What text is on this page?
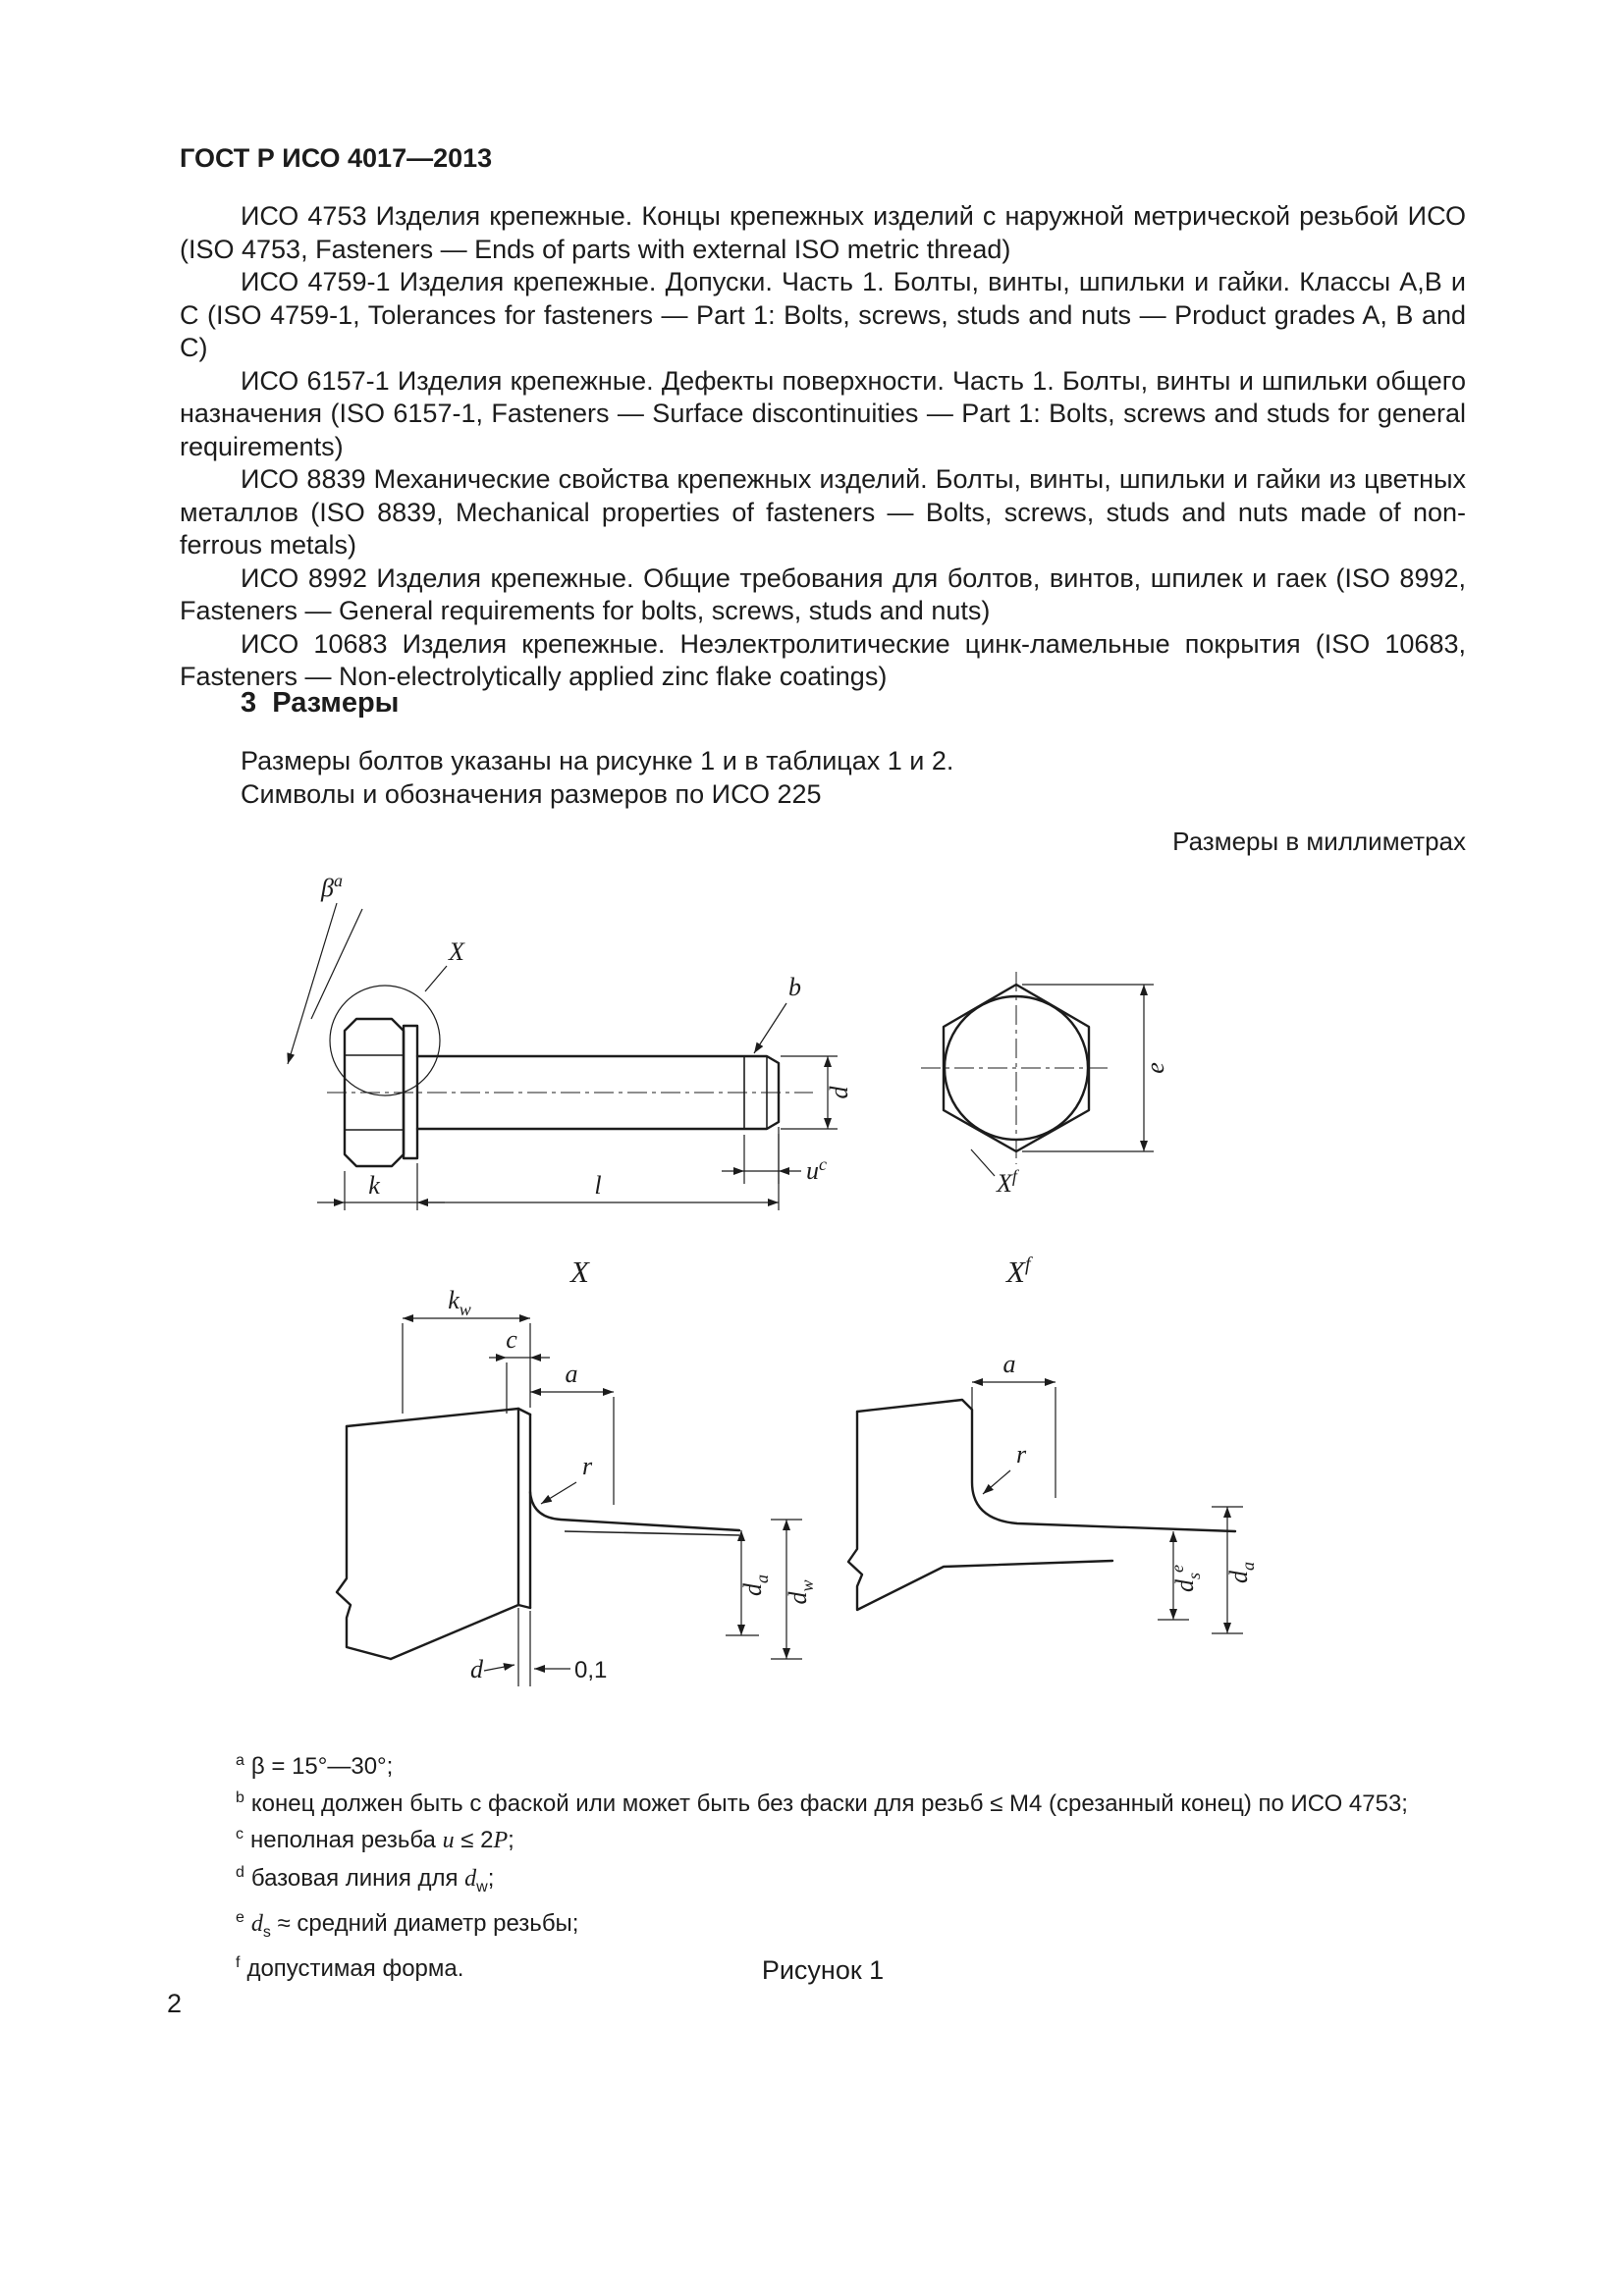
ГОСТ Р ИСО 4017—2013

ИСО 4753 Изделия крепежные. Концы крепежных изделий с наружной метрической резьбой ИСО (ISO 4753, Fasteners — Ends of parts with external ISO metric thread)

ИСО 4759-1 Изделия крепежные. Допуски. Часть 1. Болты, винты, шпильки и гайки. Классы А,В и С (ISO 4759-1, Tolerances for fasteners — Part 1: Bolts, screws, studs and nuts — Product grades A, B and C)

ИСО 6157-1 Изделия крепежные. Дефекты поверхности. Часть 1. Болты, винты и шпильки общего назначения (ISO 6157-1, Fasteners — Surface discontinuities — Part 1: Bolts, screws and studs for general requirements)

ИСО 8839 Механические свойства крепежных изделий. Болты, винты, шпильки и гайки из цветных металлов (ISO 8839, Mechanical properties of fasteners — Bolts, screws, studs and nuts made of non-ferrous metals)

ИСО 8992 Изделия крепежные. Общие требования для болтов, винтов, шпилек и гаек (ISO 8992, Fasteners — General requirements for bolts, screws, studs and nuts)

ИСО 10683 Изделия крепежные. Неэлектролитические цинк-ламельные покрытия (ISO 10683, Fasteners — Non-electrolytically applied zinc flake coatings)

3  Размеры

Размеры болтов указаны на рисунке 1 и в таблицах 1 и 2.

Символы и обозначения размеров по ИСО 225

Размеры в миллиметрах
$\beta^a$
X
b
d
$u^c$
k	l
e
$X^f$
X
$k_w$
c
a
r
$d_a$
$d_w$
d	0,1
$X^f$
a
r
$d_s^e$
$d_a$
$^a$ β = 15°—30°;
$^b$ конец должен быть с фаской или может быть без фаски для резьб ≤ М4 (срезанный конец) по ИСО 4753;
$^c$ неполная резьба u ≤ 2P;
$^d$ базовая линия для $d_w$;
$^e$ $d_s$ ≈ средний диаметр резьбы;
$^f$ допустимая форма.	Рисунок 1
2
